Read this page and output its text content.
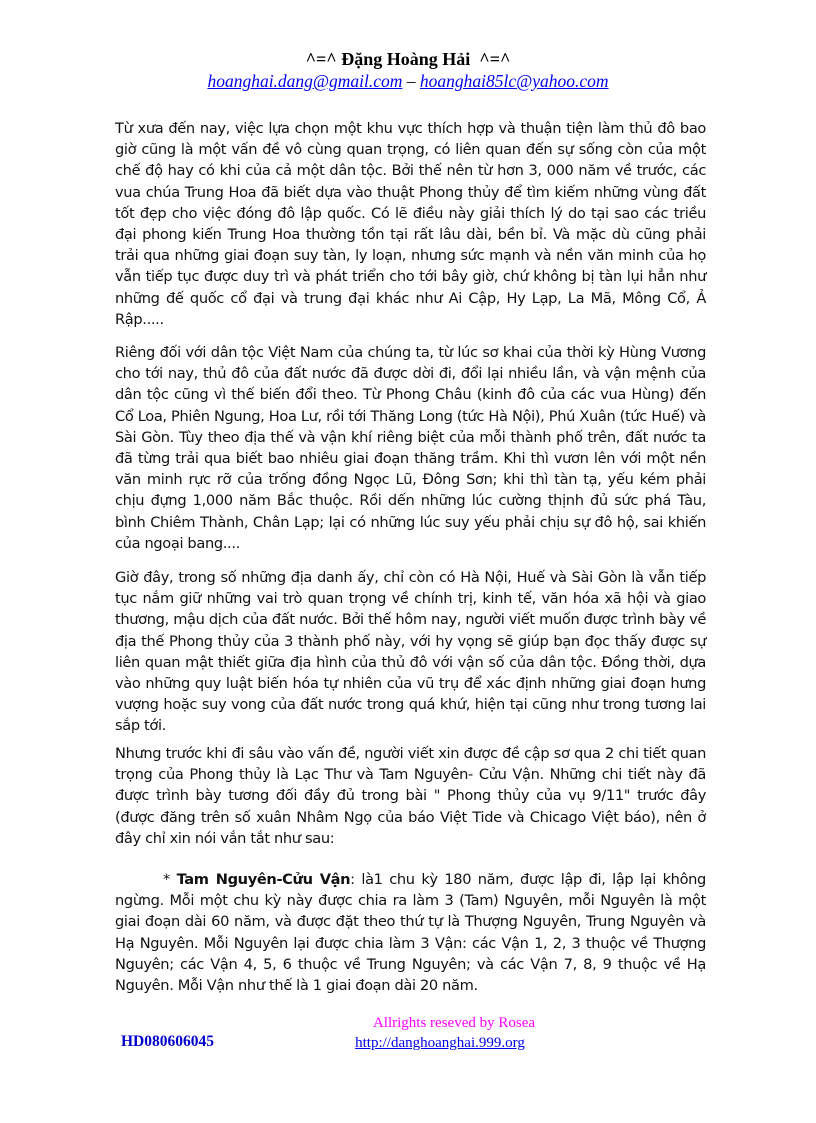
^=^ Đặng Hoàng Hải  ^=^
hoanghai.dang@gmail.com – hoanghai85lc@yahoo.com

Từ xưa đến nay, việc lựa chọn một khu vực thích hợp và thuận tiện làm thủ đô bao giờ cũng là một vấn đề vô cùng quan trọng, có liên quan đến sự sống còn của một chế độ hay có khi của cả một dân tộc. Bởi thế nên từ hơn 3, 000 năm về trước, các vua chúa Trung Hoa đã biết dựa vào thuật Phong thủy để tìm kiếm những vùng đất tốt đẹp cho việc đóng đô lập quốc. Có lẽ điều này giải thích lý do tại sao các triều đại phong kiến Trung Hoa thường tồn tại rất lâu dài, bền bỉ. Và mặc dù cũng phải trải qua những giai đoạn suy tàn, ly loạn, nhưng sức mạnh và nền văn minh của họ vẫn tiếp tục được duy trì và phát triển cho tới bây giờ, chứ không bị tàn lụi hẳn như những đế quốc cổ đại và trung đại khác như Ai Cập, Hy Lạp, La Mã, Mông Cổ, Ả Rập.....

Riêng đối với dân tộc Việt Nam của chúng ta, từ lúc sơ khai của thời kỳ Hùng Vương cho tới nay, thủ đô của đất nước đã được dời đi, đổi lại nhiều lần, và vận mệnh của dân tộc cũng vì thế biến đổi theo. Từ Phong Châu (kinh đô của các vua Hùng) đến Cổ Loa, Phiên Ngung, Hoa Lư, rồi tới Thăng Long (tức Hà Nội), Phú Xuân (tức Huế) và Sài Gòn. Tùy theo địa thế và vận khí riêng biệt của mỗi thành phố trên, đất nước ta đã từng trải qua biết bao nhiêu giai đoạn thăng trầm. Khi thì vươn lên với một nền văn minh rực rỡ của trống đồng Ngọc Lũ, Đông Sơn; khi thì tàn tạ, yếu kém phải chịu đựng 1,000 năm Bắc thuộc. Rồi dến những lúc cường thịnh đủ sức phá Tàu, bình Chiêm Thành, Chân Lạp; lại có những lúc suy yếu phải chịu sự đô hộ, sai khiến của ngoại bang....

Giờ đây, trong số những địa danh ấy, chỉ còn có Hà Nội, Huế và Sài Gòn là vẫn tiếp tục nắm giữ những vai trò quan trọng về chính trị, kinh tế, văn hóa xã hội và giao thương, mậu dịch của đất nước. Bởi thế hôm nay, người viết muốn được trình bày về địa thế Phong thủy của 3 thành phố này, với hy vọng sẽ giúp bạn đọc thấy được sự liên quan mật thiết giữa địa hình của thủ đô với vận số của dân tộc. Đồng thời, dựa vào những quy luật biến hóa tự nhiên của vũ trụ để xác định những giai đoạn hưng vượng hoặc suy vong của đất nước trong quá khứ, hiện tại cũng như trong tương lai sắp tới.

Nhưng trước khi đi sâu vào vấn đề, người viết xin được đề cập sơ qua 2 chi tiết quan trọng của Phong thủy là Lạc Thư và Tam Nguyên- Cửu Vận. Những chi tiết này đã được trình bày tương đối đầy đủ trong bài " Phong thủy của vụ 9/11" trước đây (được đăng trên số xuân Nhâm Ngọ của báo Việt Tide và Chicago Việt báo), nên ở đây chỉ xin nói vắn tắt như sau:

* Tam Nguyên-Cửu Vận: là1 chu kỳ 180 năm, được lập đi, lập lại không ngừng. Mỗi một chu kỳ này được chia ra làm 3 (Tam) Nguyên, mỗi Nguyên là một giai đoạn dài 60 năm, và được đặt theo thứ tự là Thượng Nguyên, Trung Nguyên và Hạ Nguyên. Mỗi Nguyên lại được chia làm 3 Vận: các Vận 1, 2, 3 thuộc về Thượng Nguyên; các Vận 4, 5, 6 thuộc về Trung Nguyên; và các Vận 7, 8, 9 thuộc về Hạ Nguyên. Mỗi Vận như thế là 1 giai đoạn dài 20 năm.

HD080606045
Allrights reseved by Rosea
http://danghoanghai.999.org
